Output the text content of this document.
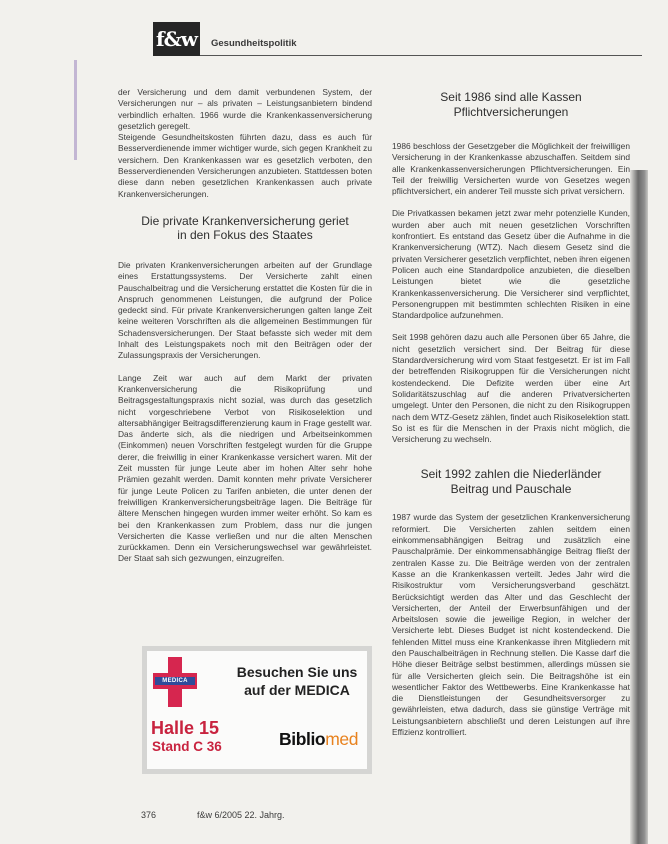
f&w	Gesundheitspolitik

der Versicherung und dem damit verbundenen System, der Versicherungen nur – als privaten – Leistungsanbietern bindend verbindlich erhalten. 1966 wurde die Krankenkassenversicherung gesetzlich geregelt.

Steigende Gesundheitskosten führten dazu, dass es auch für Besserverdienende immer wichtiger wurde, sich gegen Krankheit zu versichern. Den Krankenkassen war es gesetzlich verboten, den Besserverdienenden Versicherungen anzubieten. Stattdessen boten diese dann neben gesetzlichen Krankenkassen auch private Krankenversicherungen.

Die private Krankenversicherung geriet
in den Fokus des Staates

Die privaten Krankenversicherungen arbeiten auf der Grundlage eines Erstattungssystems. Der Versicherte zahlt einen Pauschalbeitrag und die Versicherung erstattet die Kosten für die in Anspruch genommenen Leistungen, die aufgrund der Police gedeckt sind. Für private Krankenversicherungen galten lange Zeit keine weiteren Vorschriften als die allgemeinen Bestimmungen für Schadensversicherungen. Der Staat befasste sich weder mit dem Inhalt des Leistungspakets noch mit den Beiträgen oder der Zulassungspraxis der Versicherungen.

Lange Zeit war auch auf dem Markt der privaten Krankenversicherung die Risikoprüfung und Beitragsgestaltungspraxis nicht sozial, was durch das gesetzlich nicht vorgeschriebene Verbot von Risikoselektion und altersabhängiger Beitragsdifferenzierung kaum in Frage gestellt war. Das änderte sich, als die niedrigen und Arbeitseinkommen (Einkommen) neuen Vorschriften festgelegt wurden für die Gruppe derer, die freiwillig in einer Krankenkasse versichert waren. Mit der Zeit mussten für junge Leute aber im hohen Alter sehr hohe Prämien gezahlt werden. Damit konnten mehr private Versicherer für junge Leute Policen zu Tarifen anbieten, die unter denen der freiwilligen Krankenversicherungsbeiträge lagen. Die Beiträge für ältere Menschen hingegen wurden immer weiter erhöht. So kam es bei den Krankenkassen zum Problem, dass nur die jungen Versicherten die Kasse verließen und nur die alten Menschen zurückkamen. Denn ein Versicherungswechsel war gewährleistet. Der Staat sah sich gezwungen, einzugreifen.

Seit 1986 sind alle Kassen
Pflichtversicherungen

1986 beschloss der Gesetzgeber die Möglichkeit der freiwilligen Versicherung in der Krankenkasse abzuschaffen. Seitdem sind alle Krankenkassenversicherungen Pflichtversicherungen. Ein Teil der freiwillig Versicherten wurde von Gesetzes wegen pflichtversichert, ein anderer Teil musste sich privat versichern.

Die Privatkassen bekamen jetzt zwar mehr potenzielle Kunden, wurden aber auch mit neuen gesetzlichen Vorschriften konfrontiert. Es entstand das Gesetz über die Aufnahme in die Krankenversicherung (WTZ). Nach diesem Gesetz sind die privaten Versicherer gesetzlich verpflichtet, neben ihren eigenen Policen auch eine Standardpolice anzubieten, die dieselben Leistungen bietet wie die gesetzliche Krankenkassenversicherung. Die Versicherer sind verpflichtet, Personengruppen mit bestimmten schlechten Risiken in eine Standardpolice aufzunehmen.

Seit 1998 gehören dazu auch alle Personen über 65 Jahre, die nicht gesetzlich versichert sind. Der Beitrag für diese Standardversicherung wird vom Staat festgesetzt. Er ist im Fall der betreffenden Risikogruppen für die Versicherungen nicht kostendeckend. Die Defizite werden über eine Art Solidaritätszuschlag auf die anderen Privatversicherten umgelegt. Unter den Personen, die nicht zu den Risikogruppen nach dem WTZ-Gesetz zählen, findet auch Risikoselektion statt. So ist es für die Menschen in der Praxis nicht möglich, die Versicherung zu wechseln.

Seit 1992 zahlen die Niederländer
Beitrag und Pauschale

1987 wurde das System der gesetzlichen Krankenversicherung reformiert. Die Versicherten zahlen seitdem einen einkommensabhängigen Beitrag und zusätzlich eine Pauschalprämie. Der einkommensabhängige Beitrag fließt der zentralen Kasse zu. Die Beiträge werden von der zentralen Kasse an die Krankenkassen verteilt. Jedes Jahr wird die Risikostruktur vom Versicherungsverband geschätzt. Berücksichtigt werden das Alter und das Geschlecht der Versicherten, der Anteil der Erwerbsunfähigen und der Arbeitslosen sowie die jeweilige Region, in welcher der Versicherte lebt. Dieses Budget ist nicht kostendeckend. Die fehlenden Mittel muss eine Krankenkasse ihren Mitgliedern mit den Pauschalbeiträgen in Rechnung stellen. Die Kasse darf die Höhe dieser Beiträge selbst bestimmen, allerdings müssen sie für alle Versicherten gleich sein. Die Beitragshöhe ist ein wesentlicher Faktor des Wettbewerbs. Eine Krankenkasse hat die Dienstleistungen der Gesundheitsversorger zu gewährleisten, etwa dadurch, dass sie günstige Verträge mit Leistungsanbietern abschließt und deren Leistungen auf ihre Effizienz kontrolliert.

MEDICA
Besuchen Sie uns
auf der MEDICA
Halle 15
Stand C 36	Bibliomed
376	f&w 6/2005 22. Jahrg.
